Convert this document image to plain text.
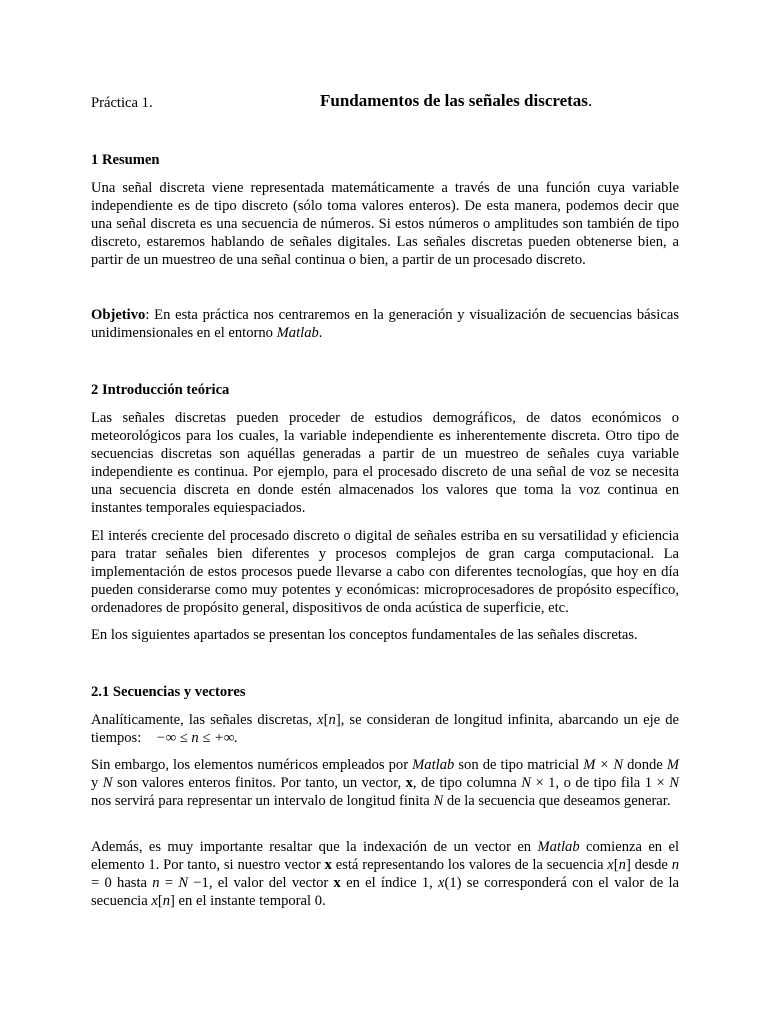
Práctica 1.	Fundamentos de las señales discretas.
1 Resumen

Una señal discreta viene representada matemáticamente a través de una función cuya variable independiente es de tipo discreto (sólo toma valores enteros). De esta manera, podemos decir que una señal discreta es una secuencia de números. Si estos números o amplitudes son también de tipo discreto, estaremos hablando de señales digitales. Las señales discretas pueden obtenerse bien, a partir de un muestreo de una señal continua o bien, a partir de un procesado discreto.

Objetivo: En esta práctica nos centraremos en la generación y visualización de secuencias básicas unidimensionales en el entorno Matlab.

2 Introducción teórica

Las señales discretas pueden proceder de estudios demográficos, de datos económicos o meteorológicos para los cuales, la variable independiente es inherentemente discreta. Otro tipo de secuencias discretas son aquéllas generadas a partir de un muestreo de señales cuya variable independiente es continua. Por ejemplo, para el procesado discreto de una señal de voz se necesita una secuencia discreta en donde estén almacenados los valores que toma la voz continua en instantes temporales equiespaciados.

El interés creciente del procesado discreto o digital de señales estriba en su versatilidad y eficiencia para tratar señales bien diferentes y procesos complejos de gran carga computacional. La implementación de estos procesos puede llevarse a cabo con diferentes tecnologías, que hoy en día pueden considerarse como muy potentes y económicas: microprocesadores de propósito específico, ordenadores de propósito general, dispositivos de onda acústica de superficie, etc.

En los siguientes apartados se presentan los conceptos fundamentales de las señales discretas.

2.1 Secuencias y vectores

Analíticamente, las señales discretas, x[n], se consideran de longitud infinita, abarcando un eje de tiempos:    −∞ ≤ n ≤ +∞.

Sin embargo, los elementos numéricos empleados por Matlab son de tipo matricial M × N donde M y N son valores enteros finitos. Por tanto, un vector, x, de tipo columna N × 1, o de tipo fila 1 × N nos servirá para representar un intervalo de longitud finita N de la secuencia que deseamos generar.

Además, es muy importante resaltar que la indexación de un vector en Matlab comienza en el elemento 1. Por tanto, si nuestro vector x está representando los valores de la secuencia x[n] desde n = 0 hasta n = N −1, el valor del vector x en el índice 1, x(1) se corresponderá con el valor de la secuencia x[n] en el instante temporal 0.
